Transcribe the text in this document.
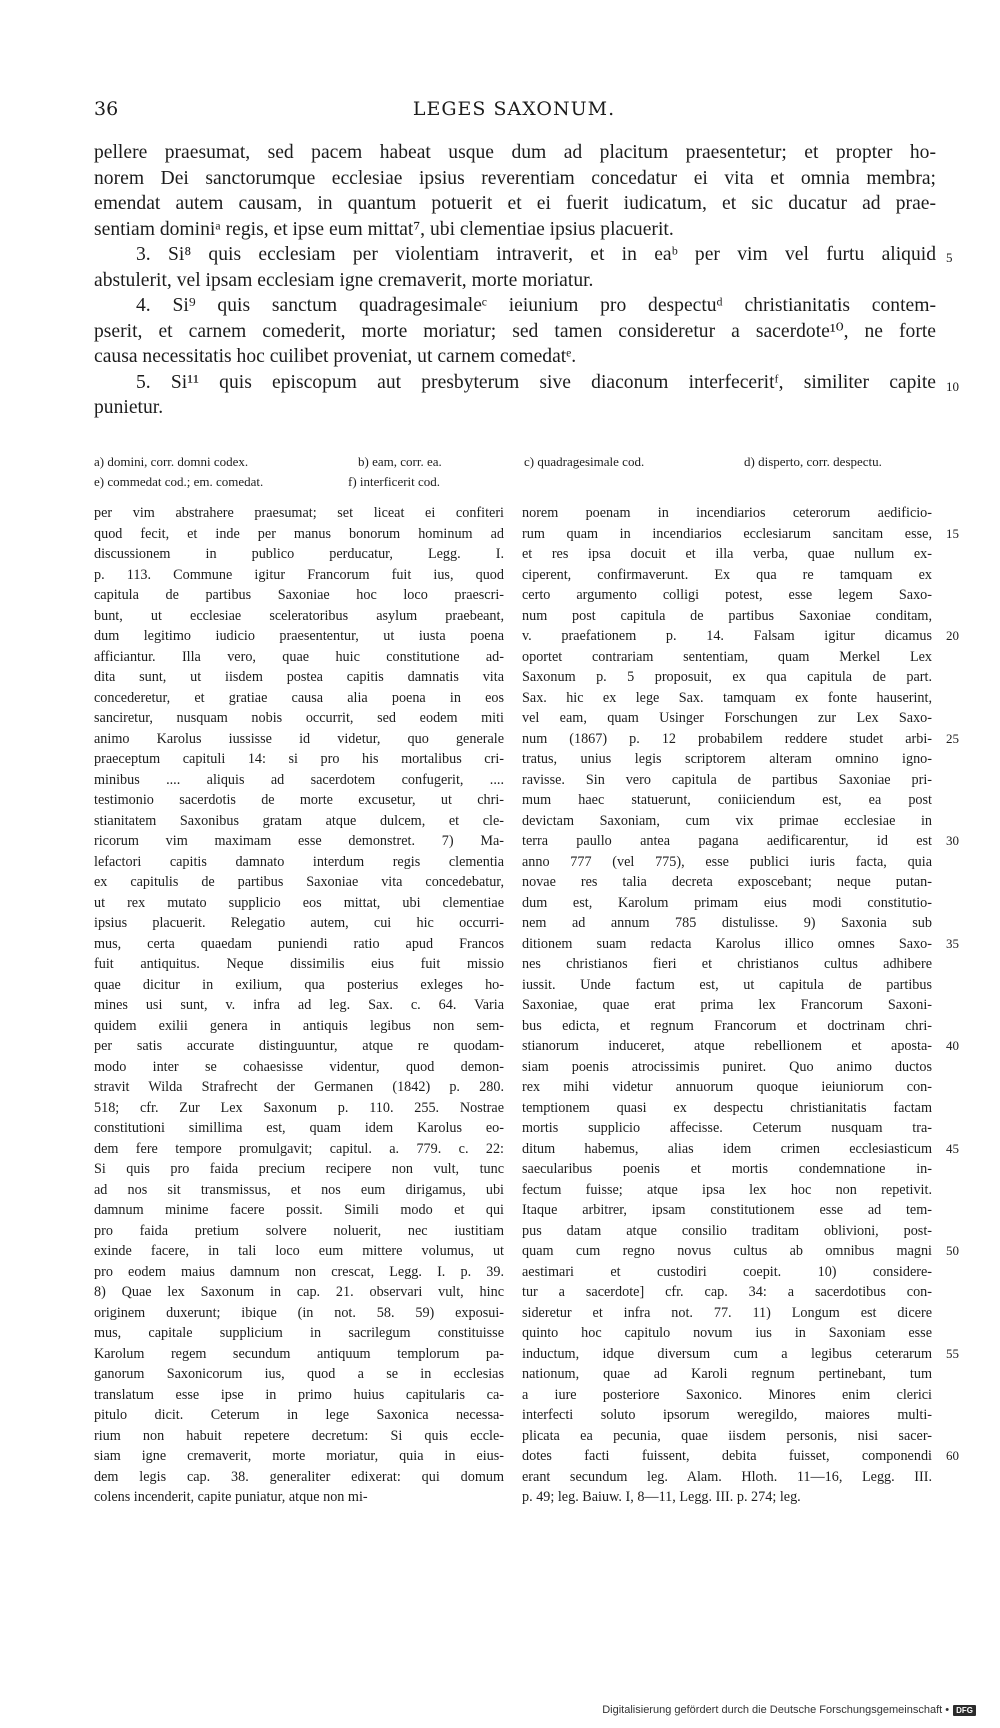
36	LEGES SAXONUM.
pellere praesumat, sed pacem habeat usque dum ad placitum praesentetur; et propter ho-
norem Dei sanctorumque ecclesiae ipsius reverentiam concedatur ei vita et omnia membra;
emendat autem causam, in quantum potuerit et ei fuerit iudicatum, et sic ducatur ad prae-
sentiam dominiᵃ regis, et ipse eum mittat⁷, ubi clementiae ipsius placuerit.
3. Si⁸ quis ecclesiam per violentiam intraverit, et in eaᵇ per vim vel furtu aliquid
abstulerit, vel ipsam ecclesiam igne cremaverit, morte moriatur.
4. Si⁹ quis sanctum quadragesimaleᶜ ieiunium pro despectuᵈ christianitatis contem-
pserit, et carnem comederit, morte moriatur; sed tamen consideretur a sacerdote¹⁰, ne forte
causa necessitatis hoc cuilibet proveniat, ut carnem comedatᵉ.
5. Si¹¹ quis episcopum aut presbyterum sive diaconum interfeceritᶠ, similiter capite
punietur.
5
10
a) domini, corr. domni codex.	b) eam, corr. ea.	c) quadragesimale cod.	d) disperto, corr. despectu.
e) commedat cod.; em. comedat.	f) interficerit cod.
per vim abstrahere praesumat; set liceat ei confiteri
quod fecit, et inde per manus bonorum hominum ad
discussionem in publico perducatur, Legg. I.
p. 113. Commune igitur Francorum fuit ius, quod
capitula de partibus Saxoniae hoc loco praescri-
bunt, ut ecclesiae sceleratoribus asylum praebeant,
dum legitimo iudicio praesententur, ut iusta poena
afficiantur. Illa vero, quae huic constitutione ad-
dita sunt, ut iisdem postea capitis damnatis vita
concederetur, et gratiae causa alia poena in eos
sanciretur, nusquam nobis occurrit, sed eodem miti
animo Karolus iussisse id videtur, quo generale
praeceptum capituli 14: si pro his mortalibus cri-
minibus .... aliquis ad sacerdotem confugerit, ....
testimonio sacerdotis de morte excusetur, ut chri-
stianitatem Saxonibus gratam atque dulcem, et cle-
ricorum vim maximam esse demonstret. 7) Ma-
lefactori capitis damnato interdum regis clementia
ex capitulis de partibus Saxoniae vita concedebatur,
ut rex mutato supplicio eos mittat, ubi clementiae
ipsius placuerit. Relegatio autem, cui hic occurri-
mus, certa quaedam puniendi ratio apud Francos
fuit antiquitus. Neque dissimilis eius fuit missio
quae dicitur in exilium, qua posterius exleges ho-
mines usi sunt, v. infra ad leg. Sax. c. 64. Varia
quidem exilii genera in antiquis legibus non sem-
per satis accurate distinguuntur, atque re quodam-
modo inter se cohaesisse videntur, quod demon-
stravit Wilda Strafrecht der Germanen (1842) p. 280.
518; cfr. Zur Lex Saxonum p. 110. 255. Nostrae
constitutioni simillima est, quam idem Karolus eo-
dem fere tempore promulgavit; capitul. a. 779. c. 22:
Si quis pro faida precium recipere non vult, tunc
ad nos sit transmissus, et nos eum dirigamus, ubi
damnum minime facere possit. Simili modo et qui
pro faida pretium solvere noluerit, nec iustitiam
exinde facere, in tali loco eum mittere volumus, ut
pro eodem maius damnum non crescat, Legg. I. p. 39.
8) Quae lex Saxonum in cap. 21. observari vult, hinc
originem duxerunt; ibique (in not. 58. 59) exposui-
mus, capitale supplicium in sacrilegum constituisse
Karolum regem secundum antiquum templorum pa-
ganorum Saxonicorum ius, quod a se in ecclesias
translatum esse ipse in primo huius capitularis ca-
pitulo dicit. Ceterum in lege Saxonica necessa-
rium non habuit repetere decretum: Si quis eccle-
siam igne cremaverit, morte moriatur, quia in eius-
dem legis cap. 38. generaliter edixerat: qui domum
colens incenderit, capite puniatur, atque non mi-
norem poenam in incendiarios ceterorum aedificio-
rum quam in incendiarios ecclesiarum sancitam esse,
et res ipsa docuit et illa verba, quae nullum ex-
ciperent, confirmaverunt. Ex qua re tamquam ex
certo argumento colligi potest, esse legem Saxo-
num post capitula de partibus Saxoniae conditam,
v. praefationem p. 14. Falsam igitur dicamus
oportet contrariam sententiam, quam Merkel Lex
Saxonum p. 5 proposuit, ex qua capitula de part.
Sax. hic ex lege Sax. tamquam ex fonte hauserint,
vel eam, quam Usinger Forschungen zur Lex Saxo-
num (1867) p. 12 probabilem reddere studet arbi-
tratus, unius legis scriptorem alteram omnino igno-
ravisse. Sin vero capitula de partibus Saxoniae pri-
mum haec statuerunt, coniiciendum est, ea post
devictam Saxoniam, cum vix primae ecclesiae in
terra paullo antea pagana aedificarentur, id est
anno 777 (vel 775), esse publici iuris facta, quia
novae res talia decreta exposcebant; neque putan-
dum est, Karolum primam eius modi constitutio-
nem ad annum 785 distulisse. 9) Saxonia sub
ditionem suam redacta Karolus illico omnes Saxo-
nes christianos fieri et christianos cultus adhibere
iussit. Unde factum est, ut capitula de partibus
Saxoniae, quae erat prima lex Francorum Saxoni-
bus edicta, et regnum Francorum et doctrinam chri-
stianorum induceret, atque rebellionem et aposta-
siam poenis atrocissimis puniret. Quo animo ductos
rex mihi videtur annuorum quoque ieiuniorum con-
temptionem quasi ex despectu christianitatis factam
mortis supplicio affecisse. Ceterum nusquam tra-
ditum habemus, alias idem crimen ecclesiasticum
saecularibus poenis et mortis condemnatione in-
fectum fuisse; atque ipsa lex hoc non repetivit.
Itaque arbitrer, ipsam constitutionem esse ad tem-
pus datam atque consilio traditam oblivioni, post-
quam cum regno novus cultus ab omnibus magni
aestimari et custodiri coepit. 10) considere-
tur a sacerdote] cfr. cap. 34: a sacerdotibus con-
sideretur et infra not. 77. 11) Longum est dicere
quinto hoc capitulo novum ius in Saxoniam esse
inductum, idque diversum cum a legibus ceterarum
nationum, quae ad Karoli regnum pertinebant, tum
a iure posteriore Saxonico. Minores enim clerici
interfecti soluto ipsorum weregildo, maiores multi-
plicata ea pecunia, quae iisdem personis, nisi sacer-
dotes facti fuissent, debita fuisset, componendi
erant secundum leg. Alam. Hloth. 11—16, Legg. III.
p. 49; leg. Baiuw. I, 8—11, Legg. III. p. 274; leg.
15
20
25
30
35
40
45
50
55
60
Digitalisierung gefördert durch die Deutsche Forschungsgemeinschaft • DFG
